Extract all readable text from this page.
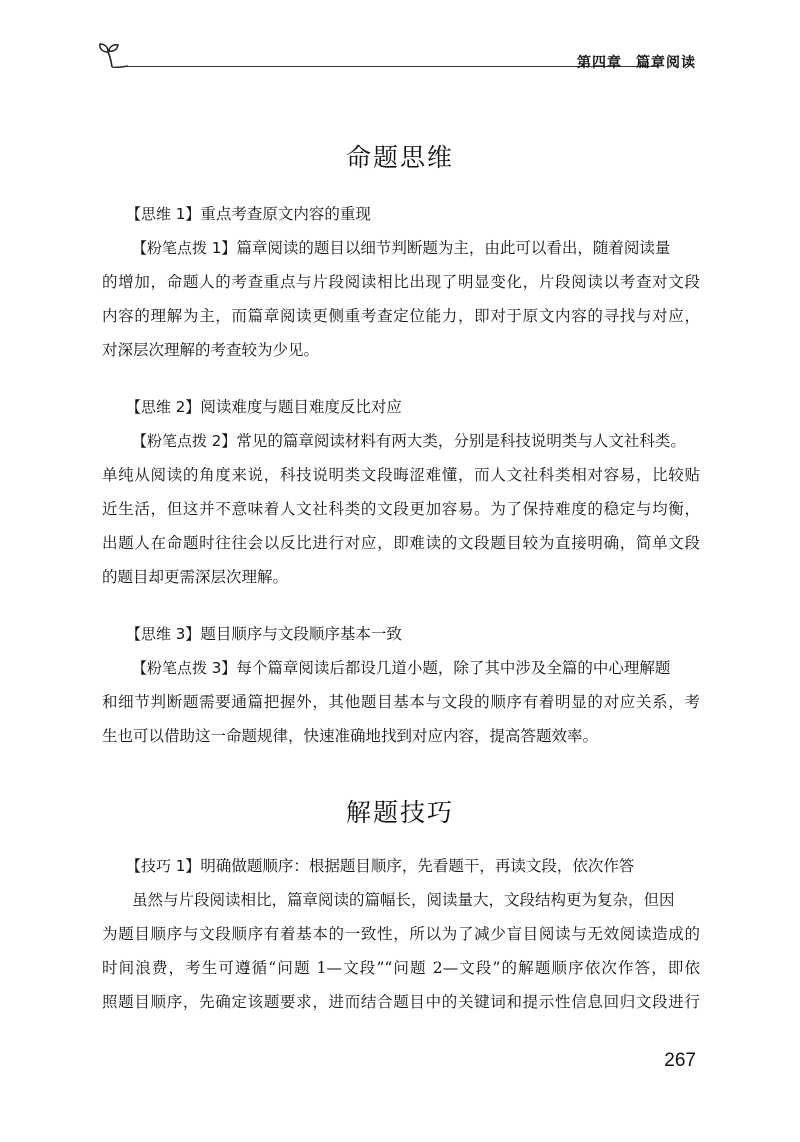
第四章 篇章阅读
命题思维
【思维 1】重点考查原文内容的重现
【粉笔点拨 1】篇章阅读的题目以细节判断题为主，由此可以看出，随着阅读量
的增加，命题人的考查重点与片段阅读相比出现了明显变化，片段阅读以考查对文段
内容的理解为主，而篇章阅读更侧重考查定位能力，即对于原文内容的寻找与对应，
对深层次理解的考查较为少见。
【思维 2】阅读难度与题目难度反比对应
【粉笔点拨 2】常见的篇章阅读材料有两大类，分别是科技说明类与人文社科类。
单纯从阅读的角度来说，科技说明类文段晦涩难懂，而人文社科类相对容易，比较贴
近生活，但这并不意味着人文社科类的文段更加容易。为了保持难度的稳定与均衡，
出题人在命题时往往会以反比进行对应，即难读的文段题目较为直接明确，简单文段
的题目却更需深层次理解。
【思维 3】题目顺序与文段顺序基本一致
【粉笔点拨 3】每个篇章阅读后都设几道小题，除了其中涉及全篇的中心理解题
和细节判断题需要通篇把握外，其他题目基本与文段的顺序有着明显的对应关系，考
生也可以借助这一命题规律，快速准确地找到对应内容，提高答题效率。
解题技巧
【技巧 1】明确做题顺序：根据题目顺序，先看题干，再读文段，依次作答
虽然与片段阅读相比，篇章阅读的篇幅长，阅读量大，文段结构更为复杂，但因
为题目顺序与文段顺序有着基本的一致性，所以为了减少盲目阅读与无效阅读造成的
时间浪费，考生可遵循“问题 1—文段”“问题 2—文段”的解题顺序依次作答，即依
照题目顺序，先确定该题要求，进而结合题目中的关键词和提示性信息回归文段进行
267
